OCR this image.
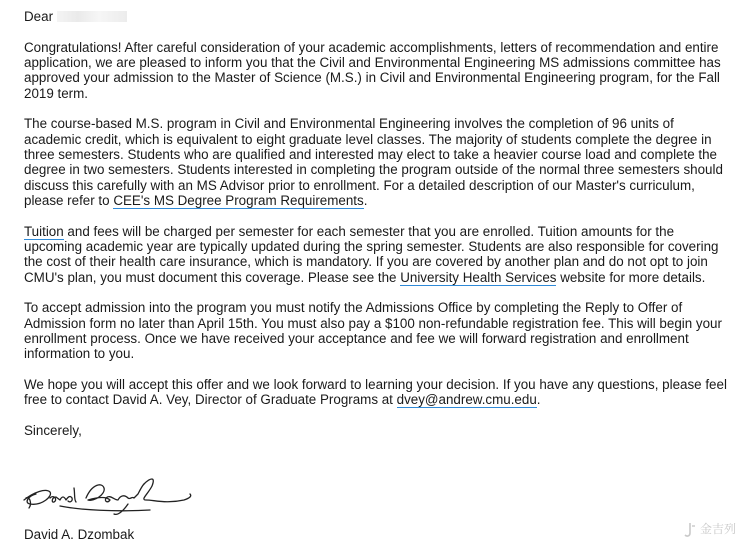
Dear

Congratulations! After careful consideration of your academic accomplishments, letters of recommendation and entire application, we are pleased to inform you that the Civil and Environmental Engineering MS admissions committee has approved your admission to the Master of Science (M.S.) in Civil and Environmental Engineering program, for the Fall 2019 term.

The course-based M.S. program in Civil and Environmental Engineering involves the completion of 96 units of academic credit, which is equivalent to eight graduate level classes. The majority of students complete the degree in three semesters. Students who are qualified and interested may elect to take a heavier course load and complete the degree in two semesters. Students interested in completing the program outside of the normal three semesters should discuss this carefully with an MS Advisor prior to enrollment. For a detailed description of our Master's curriculum, please refer to CEE's MS Degree Program Requirements.

Tuition and fees will be charged per semester for each semester that you are enrolled. Tuition amounts for the upcoming academic year are typically updated during the spring semester. Students are also responsible for covering the cost of their health care insurance, which is mandatory. If you are covered by another plan and do not opt to join CMU's plan, you must document this coverage. Please see the University Health Services website for more details.

To accept admission into the program you must notify the Admissions Office by completing the Reply to Offer of Admission form no later than April 15th. You must also pay a $100 non-refundable registration fee. This will begin your enrollment process. Once we have received your acceptance and fee we will forward registration and enrollment information to you.

We hope you will accept this offer and we look forward to learning your decision. If you have any questions, please feel free to contact David A. Vey, Director of Graduate Programs at dvey@andrew.cmu.edu.

Sincerely,

David A. Dzombak	金吉列
